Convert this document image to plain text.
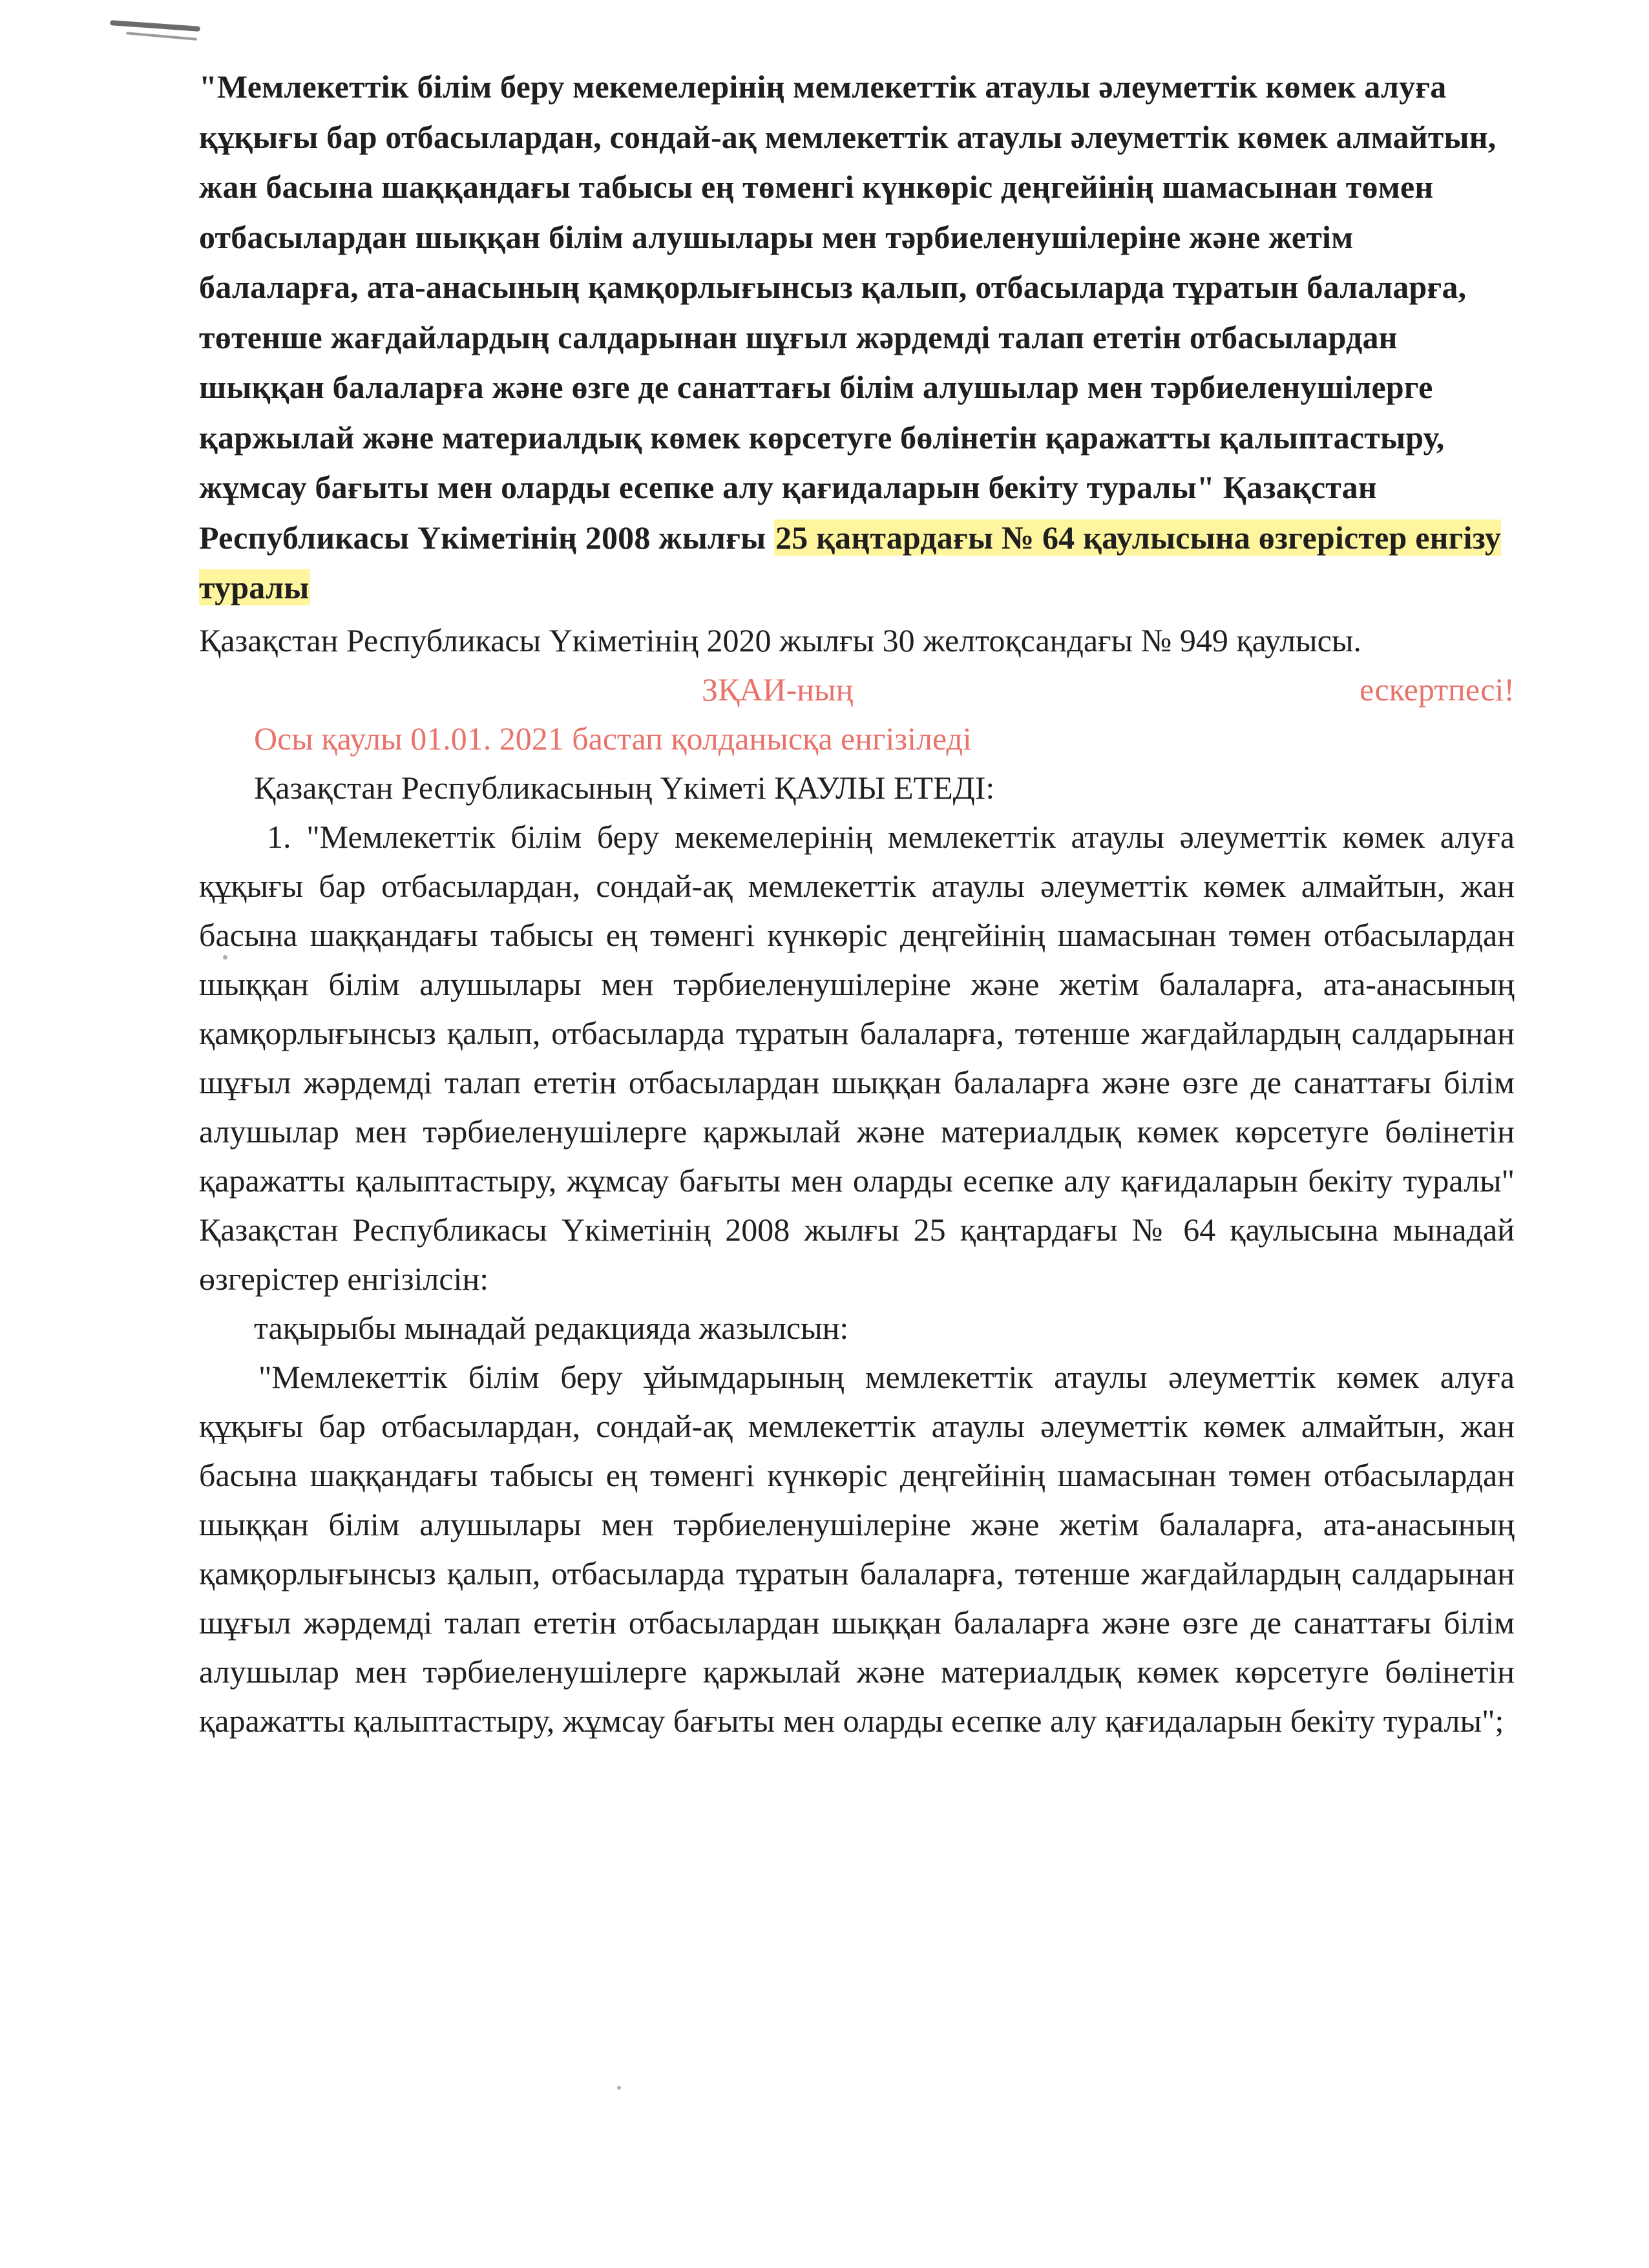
"Мемлекеттік білім беру мекемелерінің мемлекеттік атаулы әлеуметтік көмек алуға құқығы бар отбасылардан, сондай-ақ мемлекеттік атаулы әлеуметтік көмек алмайтын, жан басына шаққандағы табысы ең төменгі күнкөріс деңгейінің шамасынан төмен отбасылардан шыққан білім алушылары мен тәрбиеленушілеріне және жетім балаларға, ата-анасының қамқорлығынсыз қалып, отбасыларда тұратын балаларға, төтенше жағдайлардың салдарынан шұғыл жәрдемді талап ететін отбасылардан шыққан балаларға және өзге де санаттағы білім алушылар мен тәрбиеленушілерге қаржылай және материалдық көмек көрсетуге бөлінетін қаражатты қалыптастыру, жұмсау бағыты мен оларды есепке алу қағидаларын бекіту туралы" Қазақстан Республикасы Үкіметінің 2008 жылғы 25 қаңтардағы № 64 қаулысына өзгерістер енгізу туралы

Қазақстан Республикасы Үкіметінің 2020 жылғы 30 желтоқсандағы № 949 қаулысы.

ЗҚАИ-ның	ескертпесі!

Осы қаулы 01.01. 2021 бастап қолданысқа енгізіледі

Қазақстан Республикасының Үкіметі ҚАУЛЫ ЕТЕДІ:

1. "Мемлекеттік білім беру мекемелерінің мемлекеттік атаулы әлеуметтік көмек алуға құқығы бар отбасылардан, сондай-ақ мемлекеттік атаулы әлеуметтік көмек алмайтын, жан басына шаққандағы табысы ең төменгі күнкөріс деңгейінің шамасынан төмен отбасылардан шыққан білім алушылары мен тәрбиеленушілеріне және жетім балаларға, ата-анасының қамқорлығынсыз қалып, отбасыларда тұратын балаларға, төтенше жағдайлардың салдарынан шұғыл жәрдемді талап ететін отбасылардан шыққан балаларға және өзге де санаттағы білім алушылар мен тәрбиеленушілерге қаржылай және материалдық көмек көрсетуге бөлінетін қаражатты қалыптастыру, жұмсау бағыты мен оларды есепке алу қағидаларын бекіту туралы" Қазақстан Республикасы Үкіметінің 2008 жылғы 25 қаңтардағы № 64 қаулысына мынадай өзгерістер енгізілсін:

тақырыбы мынадай редакцияда жазылсын:

"Мемлекеттік білім беру ұйымдарының мемлекеттік атаулы әлеуметтік көмек алуға құқығы бар отбасылардан, сондай-ақ мемлекеттік атаулы әлеуметтік көмек алмайтын, жан басына шаққандағы табысы ең төменгі күнкөріс деңгейінің шамасынан төмен отбасылардан шыққан білім алушылары мен тәрбиеленушілеріне және жетім балаларға, ата-анасының қамқорлығынсыз қалып, отбасыларда тұратын балаларға, төтенше жағдайлардың салдарынан шұғыл жәрдемді талап ететін отбасылардан шыққан балаларға және өзге де санаттағы білім алушылар мен тәрбиеленушілерге қаржылай және материалдық көмек көрсетуге бөлінетін қаражатты қалыптастыру, жұмсау бағыты мен оларды есепке алу қағидаларын бекіту туралы";
